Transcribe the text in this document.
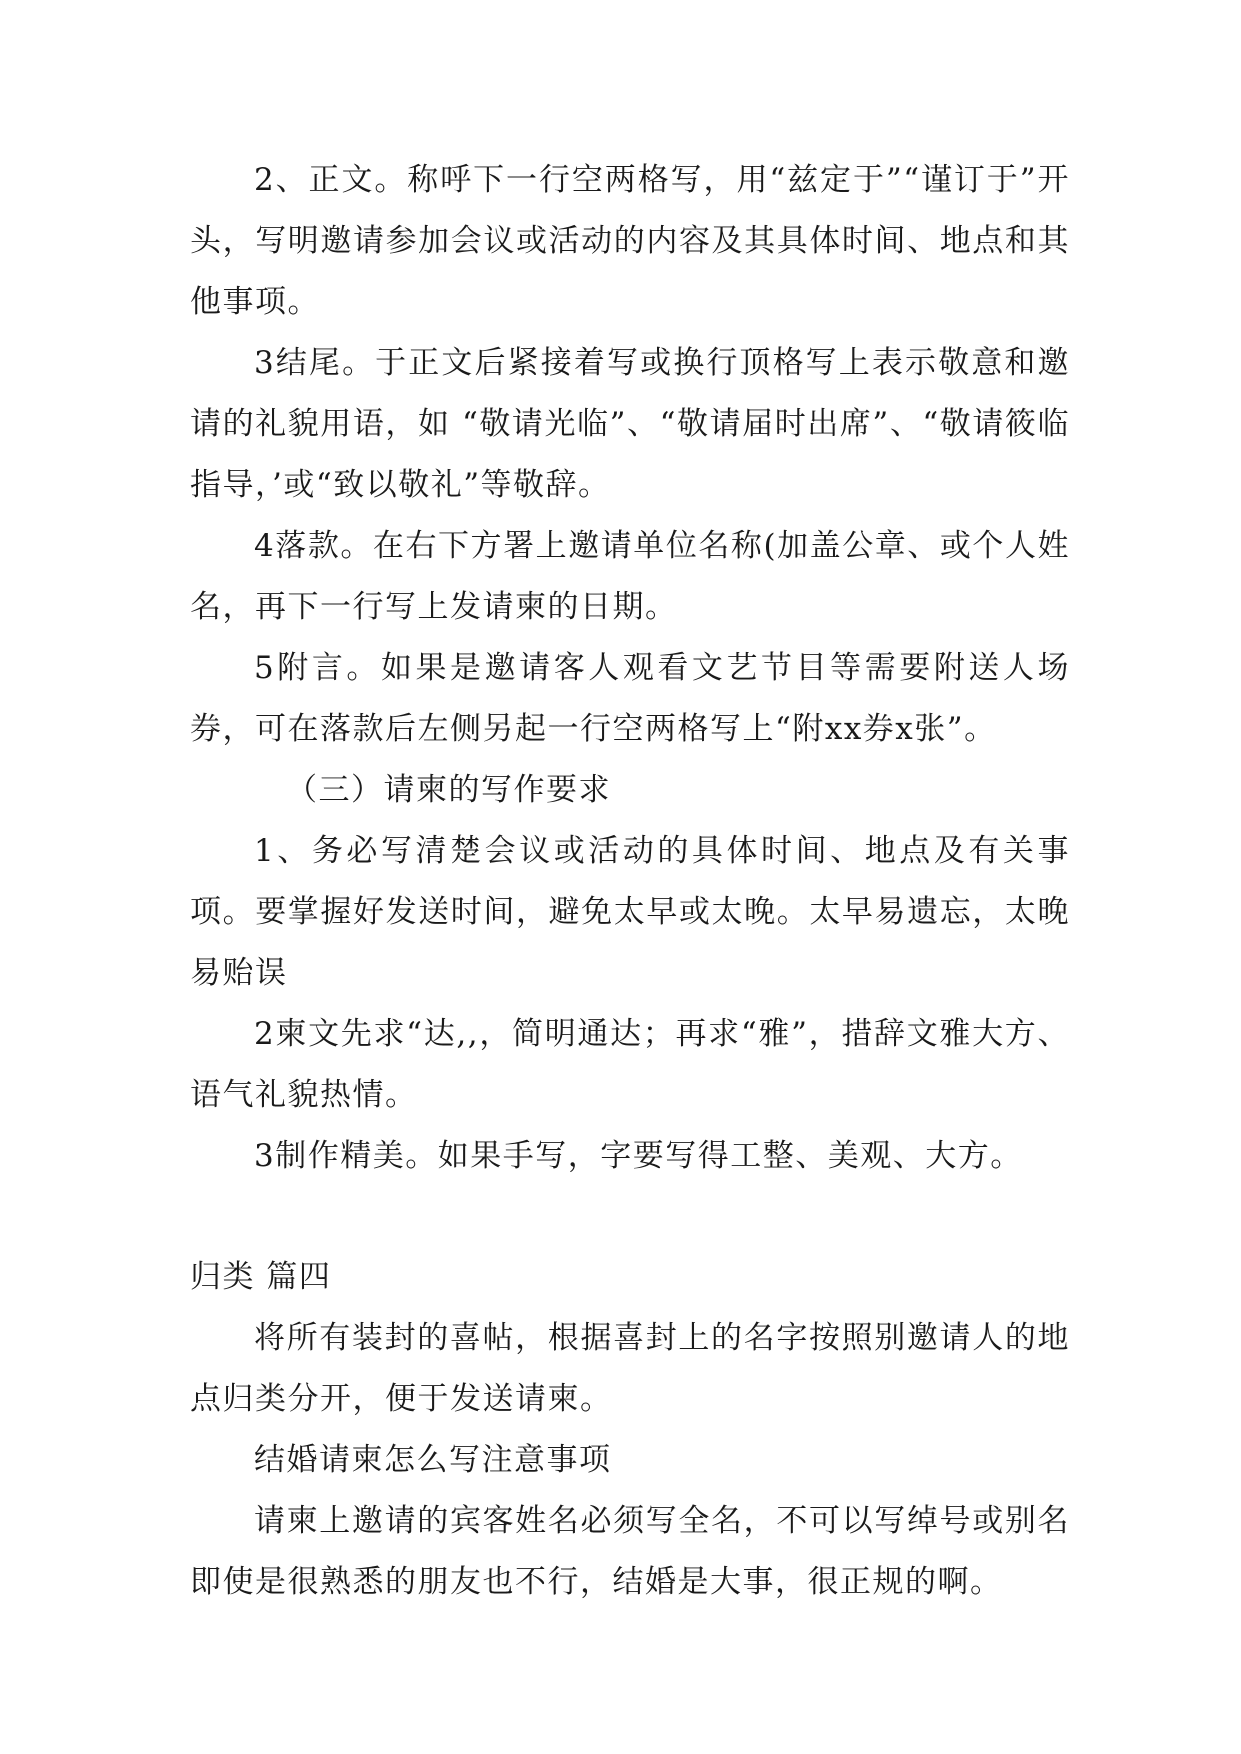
2、正文。称呼下一行空两格写，用“兹定于”“谨订于”开头，写明邀请参加会议或活动的内容及其具体时间、地点和其他事项。

3结尾。于正文后紧接着写或换行顶格写上表示敬意和邀请的礼貌用语，如 “敬请光临”、“敬请届时出席”、“敬请筱临指导，’或“致以敬礼”等敬辞。

4落款。在右下方署上邀请单位名称(加盖公章、或个人姓名，再下一行写上发请柬的日期。

5附言。如果是邀请客人观看文艺节目等需要附送人场券，可在落款后左侧另起一行空两格写上“附xx券x张”。

（三）请柬的写作要求

1、务必写清楚会议或活动的具体时间、地点及有关事项。要掌握好发送时间，避免太早或太晚。太早易遗忘，太晚易贻误

2柬文先求“达,,，简明通达；再求“雅”，措辞文雅大方、语气礼貌热情。

3制作精美。如果手写，字要写得工整、美观、大方。

归类 篇四

将所有装封的喜帖，根据喜封上的名字按照别邀请人的地点归类分开，便于发送请柬。

结婚请柬怎么写注意事项

请柬上邀请的宾客姓名必须写全名，不可以写绰号或别名即使是很熟悉的朋友也不行，结婚是大事，很正规的啊。
